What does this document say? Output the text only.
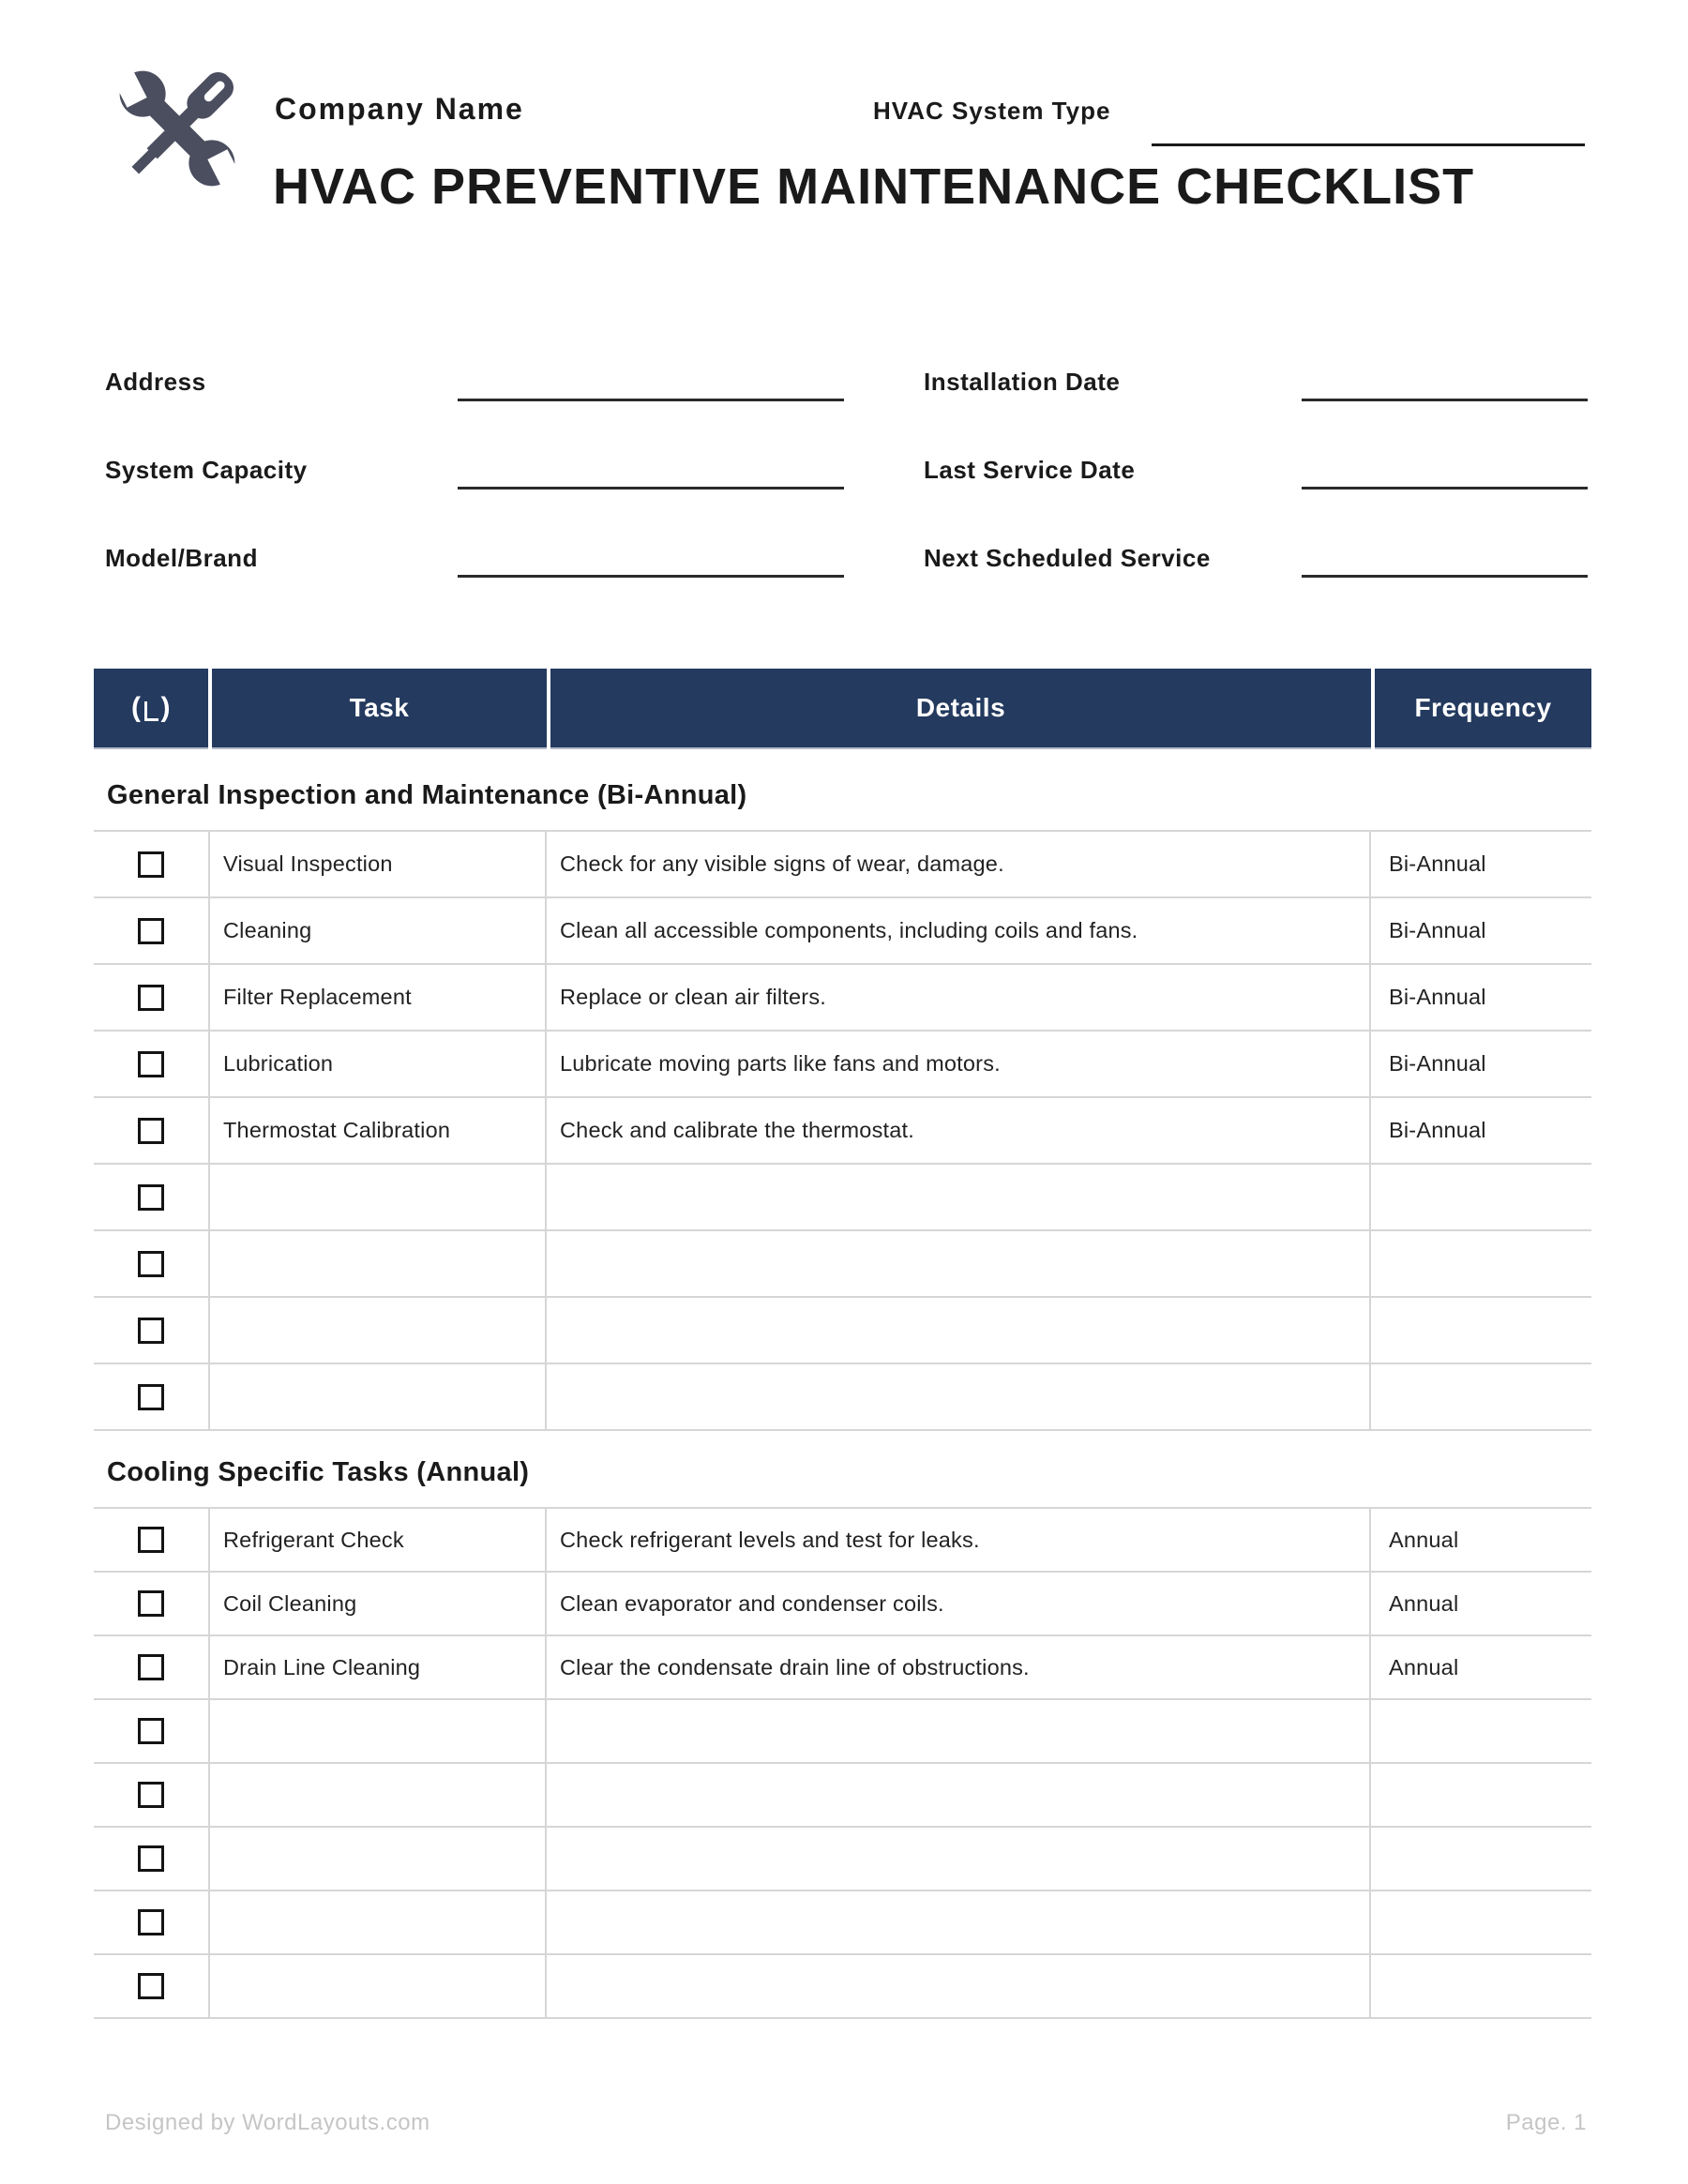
Company Name	HVAC System Type
HVAC PREVENTIVE MAINTENANCE CHECKLIST
( )	Task	Details	Frequency
General Inspection and Maintenance (Bi-Annual)
Visual Inspection	Check for any visible signs of wear, damage.	Bi-Annual
Cleaning	Clean all accessible components, including coils and fans.	Bi-Annual
Filter Replacement	Replace or clean air filters.	Bi-Annual
Lubrication	Lubricate moving parts like fans and motors.	Bi-Annual
Thermostat Calibration	Check and calibrate the thermostat.	Bi-Annual
Cooling Specific Tasks (Annual)
Refrigerant Check	Check refrigerant levels and test for leaks.	Annual
Coil Cleaning	Clean evaporator and condenser coils.	Annual
Drain Line Cleaning	Clear the condensate drain line of obstructions.	Annual
Designed by WordLayouts.com	Page. 1
Address
System Capacity
Model/Brand
Installation Date
Last Service Date
Next Scheduled Service
